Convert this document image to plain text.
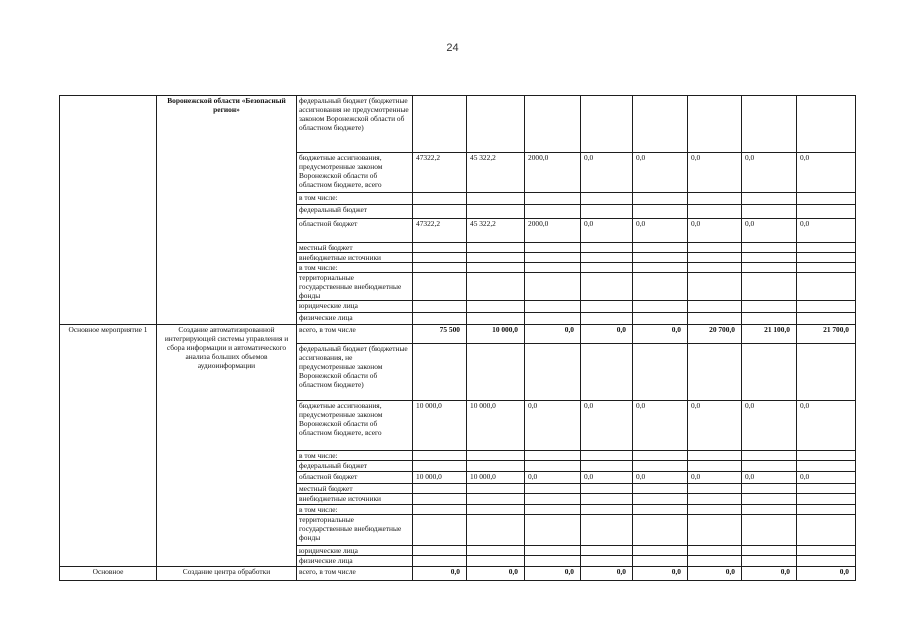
24
	Воронежской области «Безопасный регион»	федеральный бюджет (бюджетные ассигнования не предусмотренные законом Воронежской области об областном бюджете)								
		бюджетные ассигнования, предусмотренные законом Воронежской области об областном бюджете, всего	47322,2	45 322,2	2000,0	0,0	0,0	0,0	0,0	0,0
		в том числе:								
		федеральный бюджет								
		областной бюджет	47322,2	45 322,2	2000,0	0,0	0,0	0,0	0,0	0,0
		местный бюджет								
		внебюджетные источники								
		в том числе:								
		территориальные государственные внебюджетные фонды								
		юридические лица								
		физические лица								
Основное мероприятие 1	Создание автоматизированной интегрирующей системы управления и сбора информации и автоматического анализа больших объемов аудиоинформации	всего, в том числе	75 500	10 000,0	0,0	0,0	0,0	20 700,0	21 100,0	21 700,0
		федеральный бюджет (бюджетные ассигнования, не предусмотренные законом Воронежской области об областном бюджете)								
		бюджетные ассигнования, предусмотренные законом Воронежской области об областном бюджете, всего	10 000,0	10 000,0	0,0	0,0	0,0	0,0	0,0	0,0
		в том числе:								
		федеральный бюджет								
		областной бюджет	10 000,0	10 000,0	0,0	0,0	0,0	0,0	0,0	0,0
		местный бюджет								
		внебюджетные источники								
		в том числе:								
		территориальные государственные внебюджетные фонды								
		юридические лица								
		физические лица								
Основное	Создание центра обработки	всего, в том числе	0,0	0,0	0,0	0,0	0,0	0,0	0,0	0,0
